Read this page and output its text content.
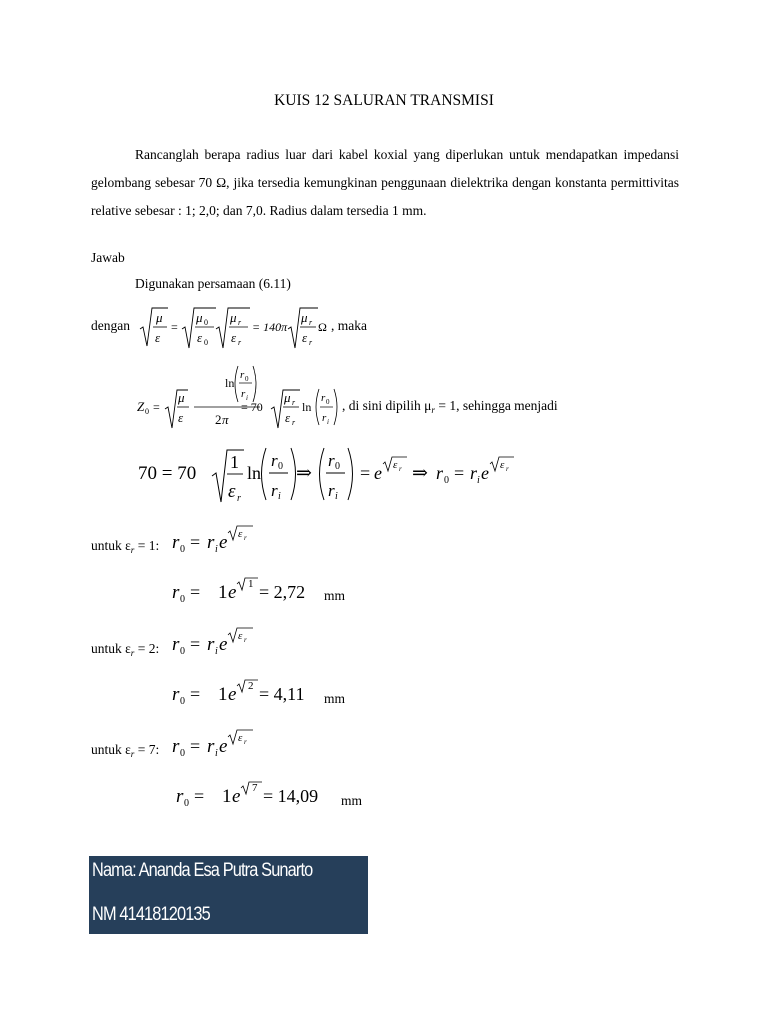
KUIS 12 SALURAN TRANSMISI
Rancanglah berapa radius luar dari kabel koxial yang diperlukan untuk mendapatkan impedansi gelombang sebesar 70 Ω, jika tersedia kemungkinan penggunaan dielektrika dengan konstanta permittivitas relative sebesar : 1; 2,0; dan 7,0. Radius dalam tersedia 1 mm.
Jawab
Digunakan persamaan (6.11)
dengan
μ
ε
=
μ 0
ε 0
μ r
ε r
= 140π
μ r
ε r
Ω , maka
Z 0 =
μ
ε
ln
r 0
r i
2 π
= 70
μ r
ε r
ln
r 0
r i
, di sini dipilih $\mu_r = 1$, sehingga menjadi
70 = 70
1
ε r
ln
r 0
r i
⇒
r 0
r i
= e ε r ⇒ r 0 = r i e ε r
untuk $\varepsilon_r = 1$: r 0 = r i e ε r
r 0 = 1 e 1 = 2,72 mm
untuk $\varepsilon_r = 2$: r 0 = r i e ε r
r 0 = 1 e 2 = 4,11 mm
untuk $\varepsilon_r = 7$: r 0 = r i e ε r
r 0 = 1 e 7 = 14,09 mm
Nama: Ananda Esa Putra Sunarto
NM 41418120135
